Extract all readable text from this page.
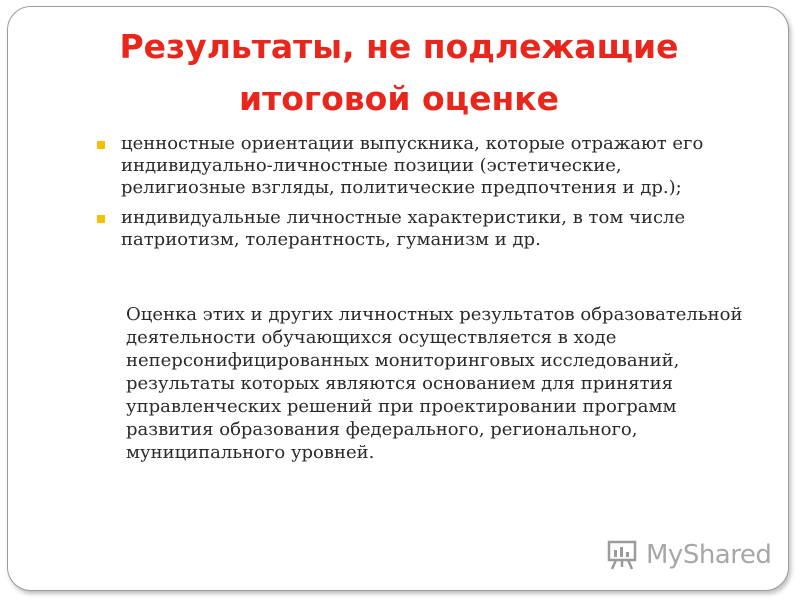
Результаты, не подлежащие
итоговой оценке
ценностные ориентации выпускника, которые отражают его индивидуально-личностные позиции (эстетические, религиозные взгляды, политические предпочтения и др.);
индивидуальные личностные характеристики, в том числе патриотизм, толерантность, гуманизм и др.
Оценка этих и других личностных результатов образовательной деятельности обучающихся осуществляется в ходе неперсонифицированных мониторинговых исследований, результаты которых являются основанием для принятия управленческих решений при проектировании программ развития образования федерального, регионального, муниципального уровней.
MyShared
